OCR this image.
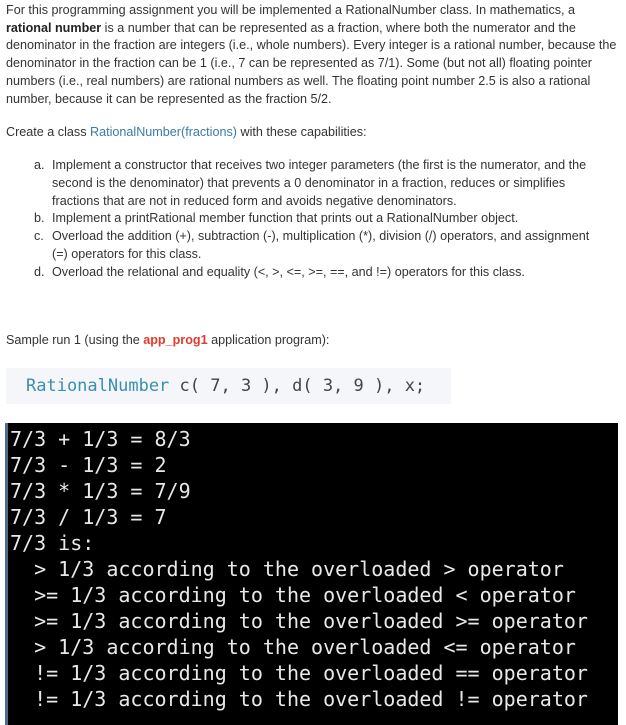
For this programming assignment you will be implemented a RationalNumber class. In mathematics, a rational number is a number that can be represented as a fraction, where both the numerator and the denominator in the fraction are integers (i.e., whole numbers). Every integer is a rational number, because the denominator in the fraction can be 1 (i.e., 7 can be represented as 7/1). Some (but not all) floating pointer numbers (i.e., real numbers) are rational numbers as well. The floating point number 2.5 is also a rational number, because it can be represented as the fraction 5/2.
Create a class RationalNumber(fractions) with these capabilities:
a. Implement a constructor that receives two integer parameters (the first is the numerator, and the second is the denominator) that prevents a 0 denominator in a fraction, reduces or simplifies fractions that are not in reduced form and avoids negative denominators.
b. Implement a printRational member function that prints out a RationalNumber object.
c. Overload the addition (+), subtraction (-), multiplication (*), division (/) operators, and assignment (=) operators for this class.
d. Overload the relational and equality (<, >, <=, >=, ==, and !=) operators for this class.
Sample run 1 (using the app_prog1 application program):
RationalNumber c( 7, 3 ), d( 3, 9 ), x;
7/3 + 1/3 = 8/3
7/3 - 1/3 = 2
7/3 * 1/3 = 7/9
7/3 / 1/3 = 7
7/3 is:
> 1/3 according to the overloaded > operator
>= 1/3 according to the overloaded < operator
>= 1/3 according to the overloaded >= operator
> 1/3 according to the overloaded <= operator
!= 1/3 according to the overloaded == operator
!= 1/3 according to the overloaded != operator
